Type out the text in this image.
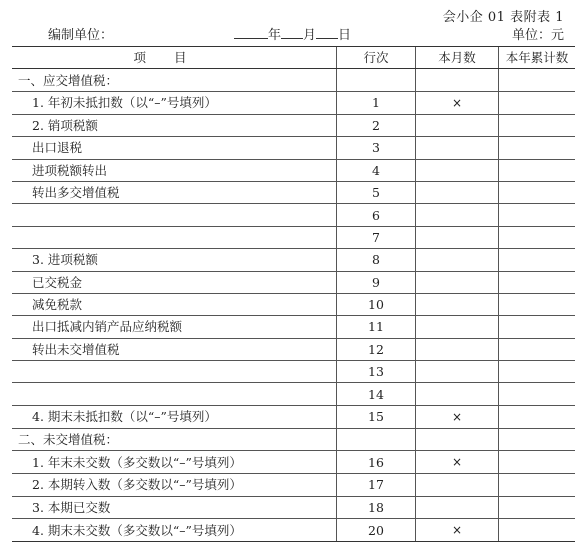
会小企 01 表附表 1
编制单位：	年 月 日	单位：元
项目	行次	本月数	本年累计数
一、应交增值税：			
1. 年初未抵扣数（以“–”号填列）	1	×	
2. 销项税额	2		
出口退税	3		
进项税额转出	4		
转出多交增值税	5		
	6		
	7		
3. 进项税额	8		
已交税金	9		
减免税款	10		
出口抵减内销产品应纳税额	11		
转出未交增值税	12		
	13		
	14		
4. 期末未抵扣数（以“–”号填列）	15	×	
二、未交增值税：			
1. 年末未交数（多交数以“–”号填列）	16	×	
2. 本期转入数（多交数以“–”号填列）	17		
3. 本期已交数	18		
4. 期末未交数（多交数以“–”号填列）	20	×	
